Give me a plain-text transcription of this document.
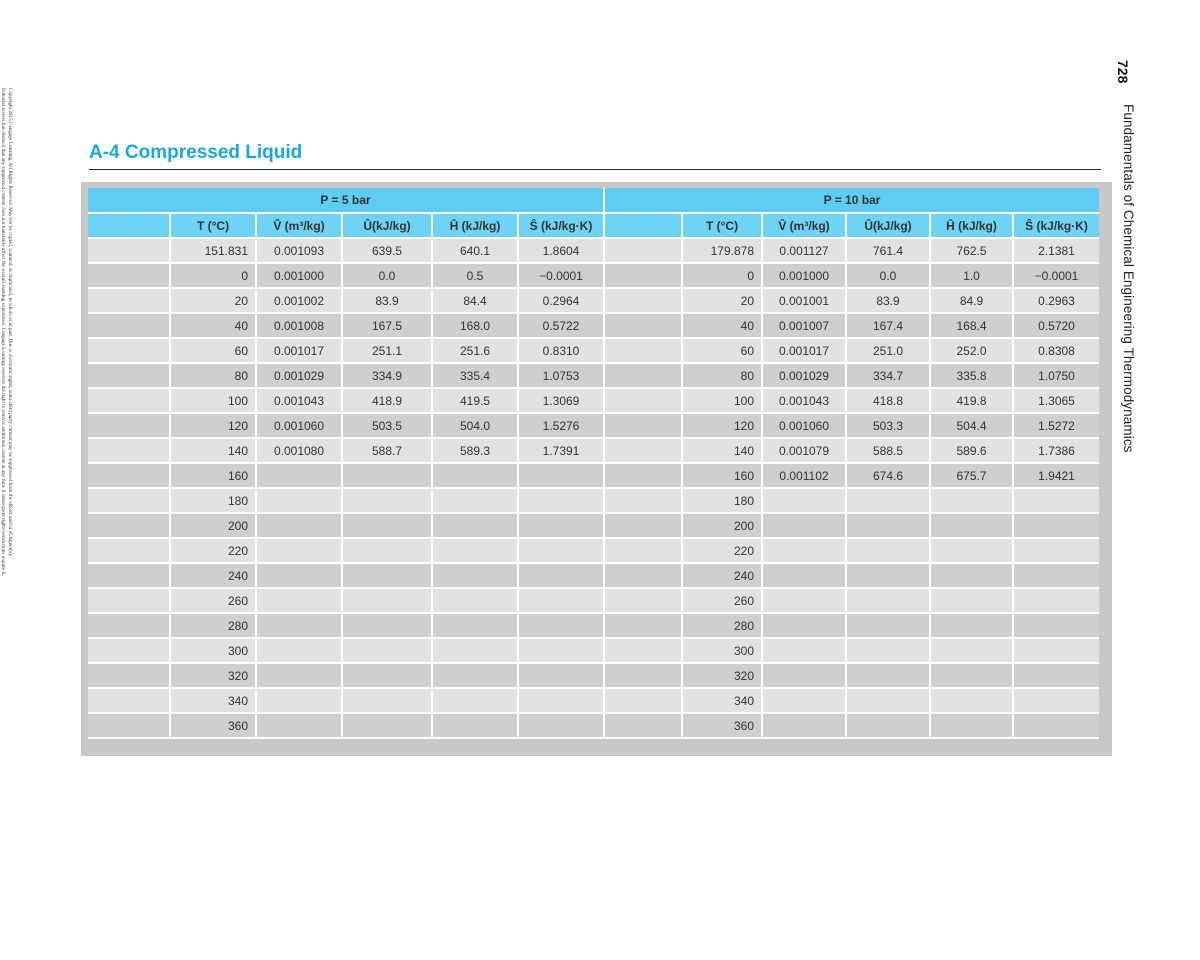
Copyright 2015 Cengage Learning. All Rights Reserved. May not be copied, scanned, or duplicated, in whole or in part. Due to electronic rights, some third party content may be suppressed from the eBook and/or eChapter(s).
Editorial review has deemed that any suppressed content does not materially affect the overall learning experience. Cengage Learning reserves the right to remove additional content at any time if subsequent rights restrictions require it.
728
Fundamentals of Chemical Engineering Thermodynamics
A-4 Compressed Liquid
P = 5 bar						P = 10 bar					
	T (°C)	V̂ (m³/kg)	Û(kJ/kg)	Ĥ (kJ/kg)	Ŝ (kJ/kg·K)		T (°C)	V̂ (m³/kg)	Û(kJ/kg)	Ĥ (kJ/kg)	Ŝ (kJ/kg·K)
	151.831	0.001093	639.5	640.1	1.8604		179.878	0.001127	761.4	762.5	2.1381
	0	0.001000	0.0	0.5	−0.0001		0	0.001000	0.0	1.0	−0.0001
	20	0.001002	83.9	84.4	0.2964		20	0.001001	83.9	84.9	0.2963
	40	0.001008	167.5	168.0	0.5722		40	0.001007	167.4	168.4	0.5720
	60	0.001017	251.1	251.6	0.8310		60	0.001017	251.0	252.0	0.8308
	80	0.001029	334.9	335.4	1.0753		80	0.001029	334.7	335.8	1.0750
	100	0.001043	418.9	419.5	1.3069		100	0.001043	418.8	419.8	1.3065
	120	0.001060	503.5	504.0	1.5276		120	0.001060	503.3	504.4	1.5272
	140	0.001080	588.7	589.3	1.7391		140	0.001079	588.5	589.6	1.7386
	160						160	0.001102	674.6	675.7	1.9421
	180						180				
	200						200				
	220						220				
	240						240				
	260						260				
	280						280				
	300						300				
	320						320				
	340						340				
	360						360				
